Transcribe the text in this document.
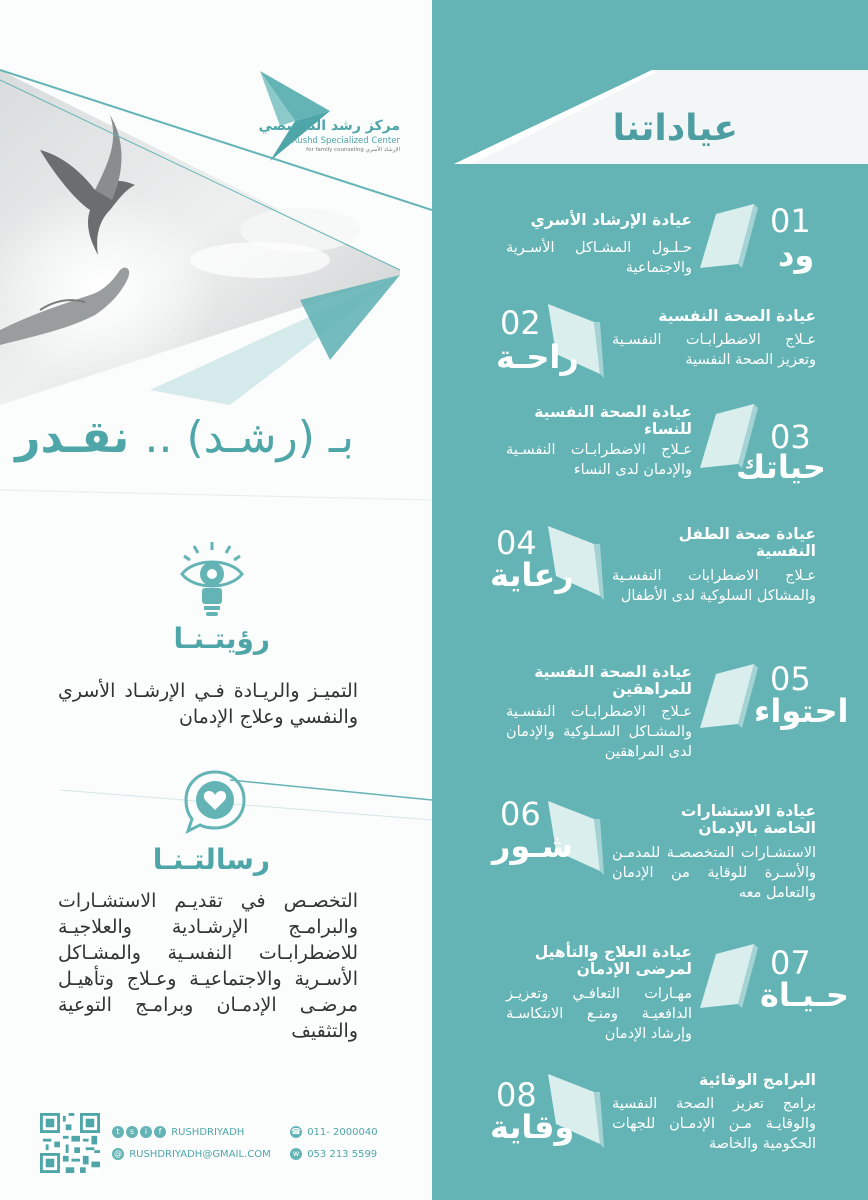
مركز رشد التخصصي
Rushd Specialized Center
for family counseling الإرشاد الأسري
بـ (رشـد) .. نقـدر
رؤيتـنـا
التميـز والريـادة فـي الإرشـاد الأسري والنفسي وعلاج الإدمان
رسالتـنـا
التخصـص في تقديـم الاستشـارات والبرامـج الإرشـادية والعلاجيـة للاضطرابـات النفسـية والمشـاكل الأسـرية والاجتماعيـة وعـلاج وتأهيـل مرضـى الإدمـان وبرامـج التوعية والتثقيف
t s i f RUSHDRIYADH
@ RUSHDRIYADH@GMAIL.COM
☎ 011- 2000040
w 053 213 5599
عياداتنا
01
ود
عيادة الإرشاد الأسري
حـلـول المشـاكل الأسـرية والاجتماعية
02
راحـة
عيادة الصحة النفسية
عـلاج الاضطرابـات النفسـية وتعزيز الصحة النفسية
03
حياتك
عيادة الصحة النفسية للنساء
عـلاج الاضطرابـات النفسـية والإدمان لدى النساء
04
رعاية
عيادة صحة الطفل النفسية
عـلاج الاضطرابات النفسـية والمشاكل السلوكية لدى الأطفال
05
احتواء
عيادة الصحة النفسية للمراهقين
عـلاج الاضطرابـات النفسـية والمشـاكل السـلوكية والإدمان لدى المراهقين
06
شـور
عيادة الاستشارات الخاصة بالإدمان
الاستشـارات المتخصصـة للمدمـن والأسـرة للوقاية من الإدمان والتعامل معه
07
حـيـاة
عيادة العلاج والتأهيل لمرضى الإدمان
مهـارات التعافـي وتعزيـز الدافعيـة ومنـع الانتكاسـة وإرشاد الإدمان
08
وقاية
البرامج الوقائية
برامج تعزيز الصحة النفسية والوقايـة مـن الإدمـان للجهات الحكومية والخاصة
